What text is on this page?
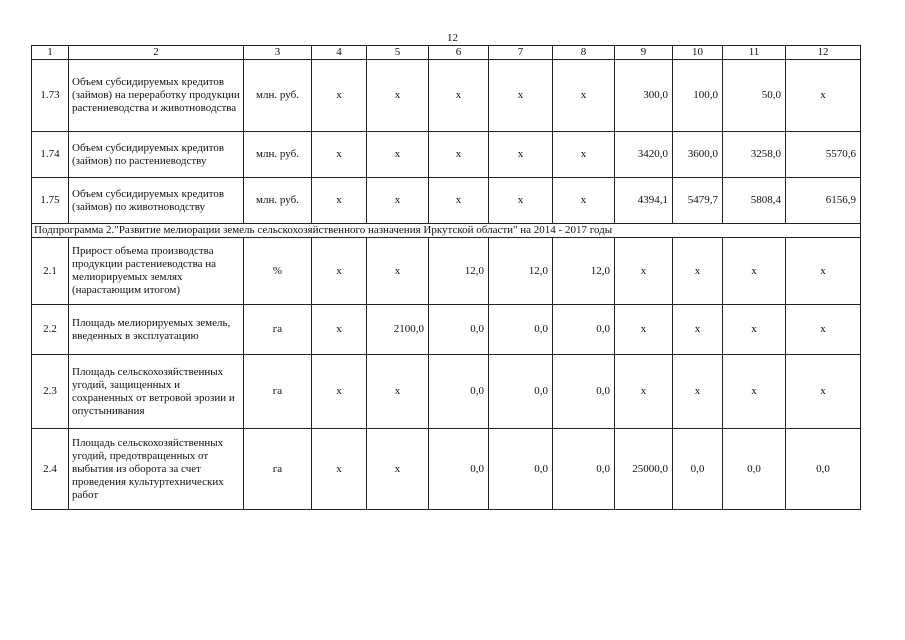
12
1	2	3	4	5	6	7	8	9	10	11	12
1.73	Объем субсидируемых кредитов (займов) на переработку продукции растениеводства и животноводства	млн. руб.	х	х	х	х	х	300,0	100,0	50,0	х
1.74	Объем субсидируемых кредитов (займов) по растениеводству	млн. руб.	х	х	х	х	х	3420,0	3600,0	3258,0	5570,6
1.75	Объем субсидируемых кредитов (займов) по животноводству	млн. руб.	х	х	х	х	х	4394,1	5479,7	5808,4	6156,9
Подпрограмма 2."Развитие мелиорации земель сельскохозяйственного назначения Иркутской области" на 2014 - 2017 годы											
2.1	Прирост объема производства продукции растениеводства на мелиорируемых землях (нарастающим итогом)	%	х	х	12,0	12,0	12,0	х	х	х	х
2.2	Площадь мелиорируемых земель, введенных в эксплуатацию	га	х	2100,0	0,0	0,0	0,0	х	х	х	х
2.3	Площадь сельскохозяйственных угодий, защищенных и сохраненных от ветровой эрозии и опустынивания	га	х	х	0,0	0,0	0,0	х	х	х	х
2.4	Площадь сельскохозяйственных угодий, предотвращенных от выбытия из оборота за счет проведения культуртехнических работ	га	х	х	0,0	0,0	0,0	25000,0	0,0	0,0	0,0
